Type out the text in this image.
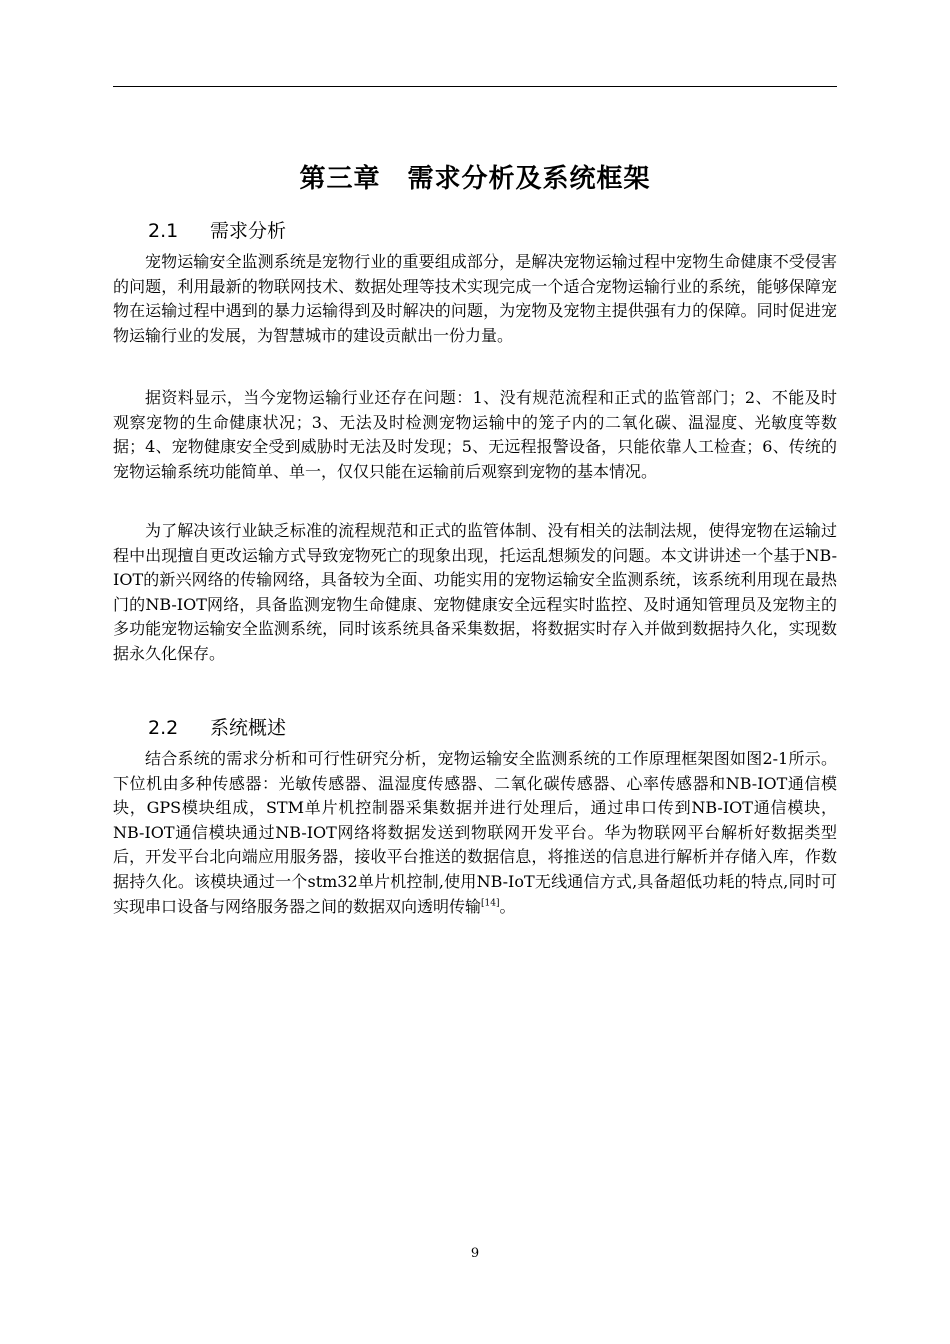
第三章　需求分析及系统框架
2.1 需求分析

宠物运输安全监测系统是宠物行业的重要组成部分，是解决宠物运输过程中宠物生命健康不受侵害的问题，利用最新的物联网技术、数据处理等技术实现完成一个适合宠物运输行业的系统，能够保障宠物在运输过程中遇到的暴力运输得到及时解决的问题，为宠物及宠物主提供强有力的保障。同时促进宠物运输行业的发展，为智慧城市的建设贡献出一份力量。

据资料显示，当今宠物运输行业还存在问题：1、没有规范流程和正式的监管部门；2、不能及时观察宠物的生命健康状况；3、无法及时检测宠物运输中的笼子内的二氧化碳、温湿度、光敏度等数据；4、宠物健康安全受到威胁时无法及时发现；5、无远程报警设备，只能依靠人工检查；6、传统的宠物运输系统功能简单、单一，仅仅只能在运输前后观察到宠物的基本情况。

为了解决该行业缺乏标准的流程规范和正式的监管体制、没有相关的法制法规，使得宠物在运输过程中出现擅自更改运输方式导致宠物死亡的现象出现，托运乱想频发的问题。本文讲讲述一个基于NB-IOT的新兴网络的传输网络，具备较为全面、功能实用的宠物运输安全监测系统，该系统利用现在最热门的NB-IOT网络，具备监测宠物生命健康、宠物健康安全远程实时监控、及时通知管理员及宠物主的多功能宠物运输安全监测系统，同时该系统具备采集数据，将数据实时存入并做到数据持久化，实现数据永久化保存。

2.2 系统概述

结合系统的需求分析和可行性研究分析，宠物运输安全监测系统的工作原理框架图如图2-1所示。下位机由多种传感器：光敏传感器、温湿度传感器、二氧化碳传感器、心率传感器和NB-IOT通信模块，GPS模块组成，STM单片机控制器采集数据并进行处理后，通过串口传到NB-IOT通信模块，NB-IOT通信模块通过NB-IOT网络将数据发送到物联网开发平台。华为物联网平台解析好数据类型后，开发平台北向端应用服务器，接收平台推送的数据信息，将推送的信息进行解析并存储入库，作数据持久化。该模块通过一个stm32单片机控制,使用NB-IoT无线通信方式,具备超低功耗的特点,同时可实现串口设备与网络服务器之间的数据双向透明传输[14]。

9
